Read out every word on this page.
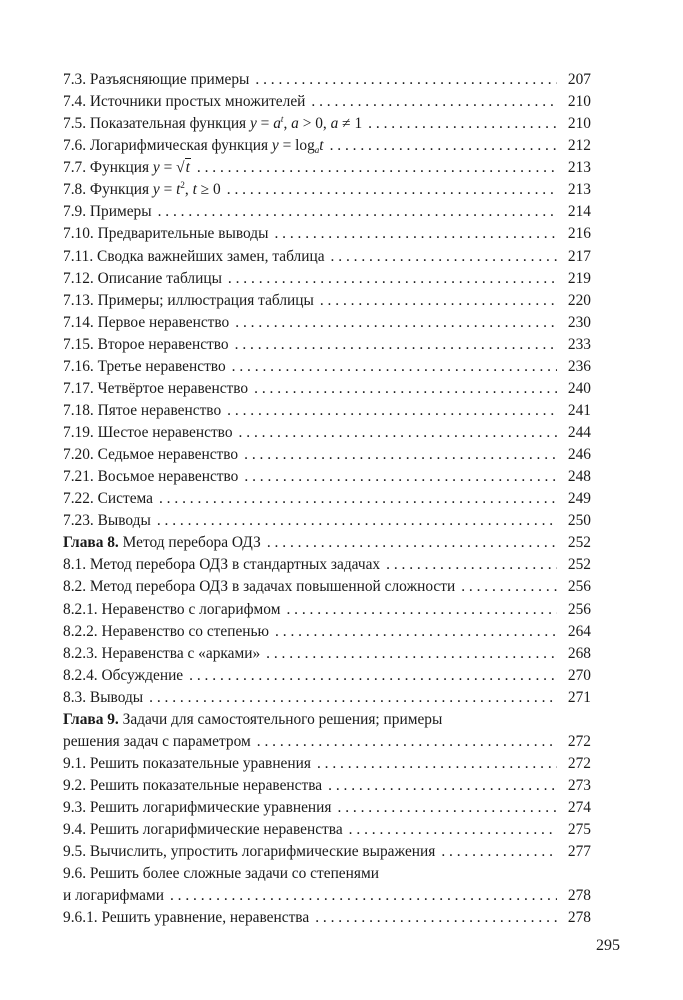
7.3. Разъясняющие примеры . . .	207
7.4. Источники простых множителей . . .	210
7.5. Показательная функция $y = a^t$, a > 0, a ≠ 1 . . .	210
7.6. Логарифмическая функция $y = \log_at$ . . .	212
7.7. Функция y = √t . . .	213
7.8. Функция $y = t^2$, t ≥ 0 . . .	213
7.9. Примеры . . .	214
7.10. Предварительные выводы . . .	216
7.11. Сводка важнейших замен, таблица . . .	217
7.12. Описание таблицы . . .	219
7.13. Примеры; иллюстрация таблицы . . .	220
7.14. Первое неравенство . . .	230
7.15. Второе неравенство . . .	233
7.16. Третье неравенство . . .	236
7.17. Четвёртое неравенство . . .	240
7.18. Пятое неравенство . . .	241
7.19. Шестое неравенство . . .	244
7.20. Седьмое неравенство . . .	246
7.21. Восьмое неравенство . . .	248
7.22. Система . . .	249
7.23. Выводы . . .	250
Глава 8. Метод перебора ОДЗ . . .	252
8.1. Метод перебора ОДЗ в стандартных задачах . . .	252
8.2. Метод перебора ОДЗ в задачах повышенной сложности . . .	256
8.2.1. Неравенство с логарифмом . . .	256
8.2.2. Неравенство со степенью . . .	264
8.2.3. Неравенства с «арками» . . .	268
8.2.4. Обсуждение . . .	270
8.3. Выводы . . .	271
Глава 9. Задачи для самостоятельного решения; примеры
решения задач с параметром . . .	272
9.1. Решить показательные уравнения . . .	272
9.2. Решить показательные неравенства . . .	273
9.3. Решить логарифмические уравнения . . .	274
9.4. Решить логарифмические неравенства . . .	275
9.5. Вычислить, упростить логарифмические выражения . . .	277
9.6. Решить более сложные задачи со степенями
и логарифмами . . .	278
9.6.1. Решить уравнение, неравенства . . .	278
295
